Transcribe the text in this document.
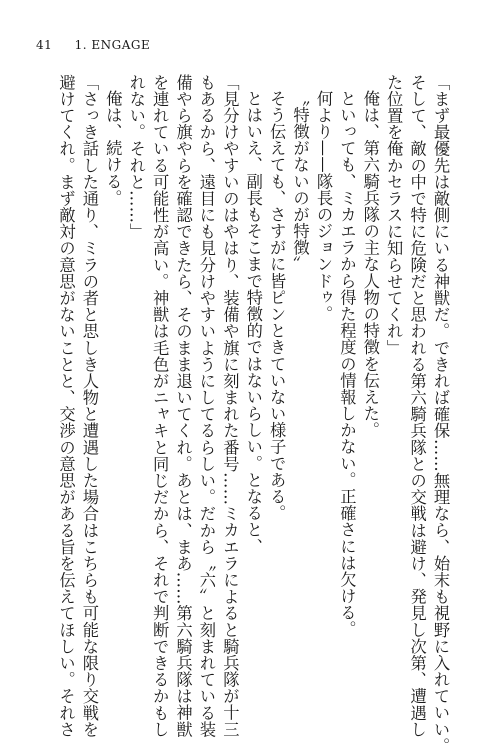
41 1. ENGAGE
「まず最優先は敵側にいる神獣だ。できれば確保……無理なら、始末も視野に入れていい。
そして、敵の中で特に危険だと思われる第六騎兵隊との交戦は避け、発見し次第、遭遇し
た位置を俺かセラスに知らせてくれ」
俺は、第六騎兵隊の主な人物の特徴を伝えた。
といっても、ミカエラから得た程度の情報しかない。正確さには欠ける。
何より——隊長のジョンドゥ。
〝特徴がないのが特徴〟
そう伝えても、さすがに皆ピンときていない様子である。
とはいえ、副長もそこまで特徴的ではないらしい。となると、
「見分けやすいのはやはり、装備や旗に刻まれた番号……ミカエラによると騎兵隊が十三
もあるから、遠目にも見分けやすいようにしてるらしい。だから〝六〟と刻まれている装
備やら旗やらを確認できたら、そのまま退いてくれ。あとは、まあ……第六騎兵隊は神獣
を連れている可能性が高い。神獣は毛色がニャキと同じだから、それで判断できるかもし
れない。それと……」
俺は、続ける。
「さっき話した通り、ミラの者と思しき人物と遭遇した場合はこちらも可能な限り交戦を
避けてくれ。まず敵対の意思がないことと、交渉の意思がある旨を伝えてほしい。それさ
